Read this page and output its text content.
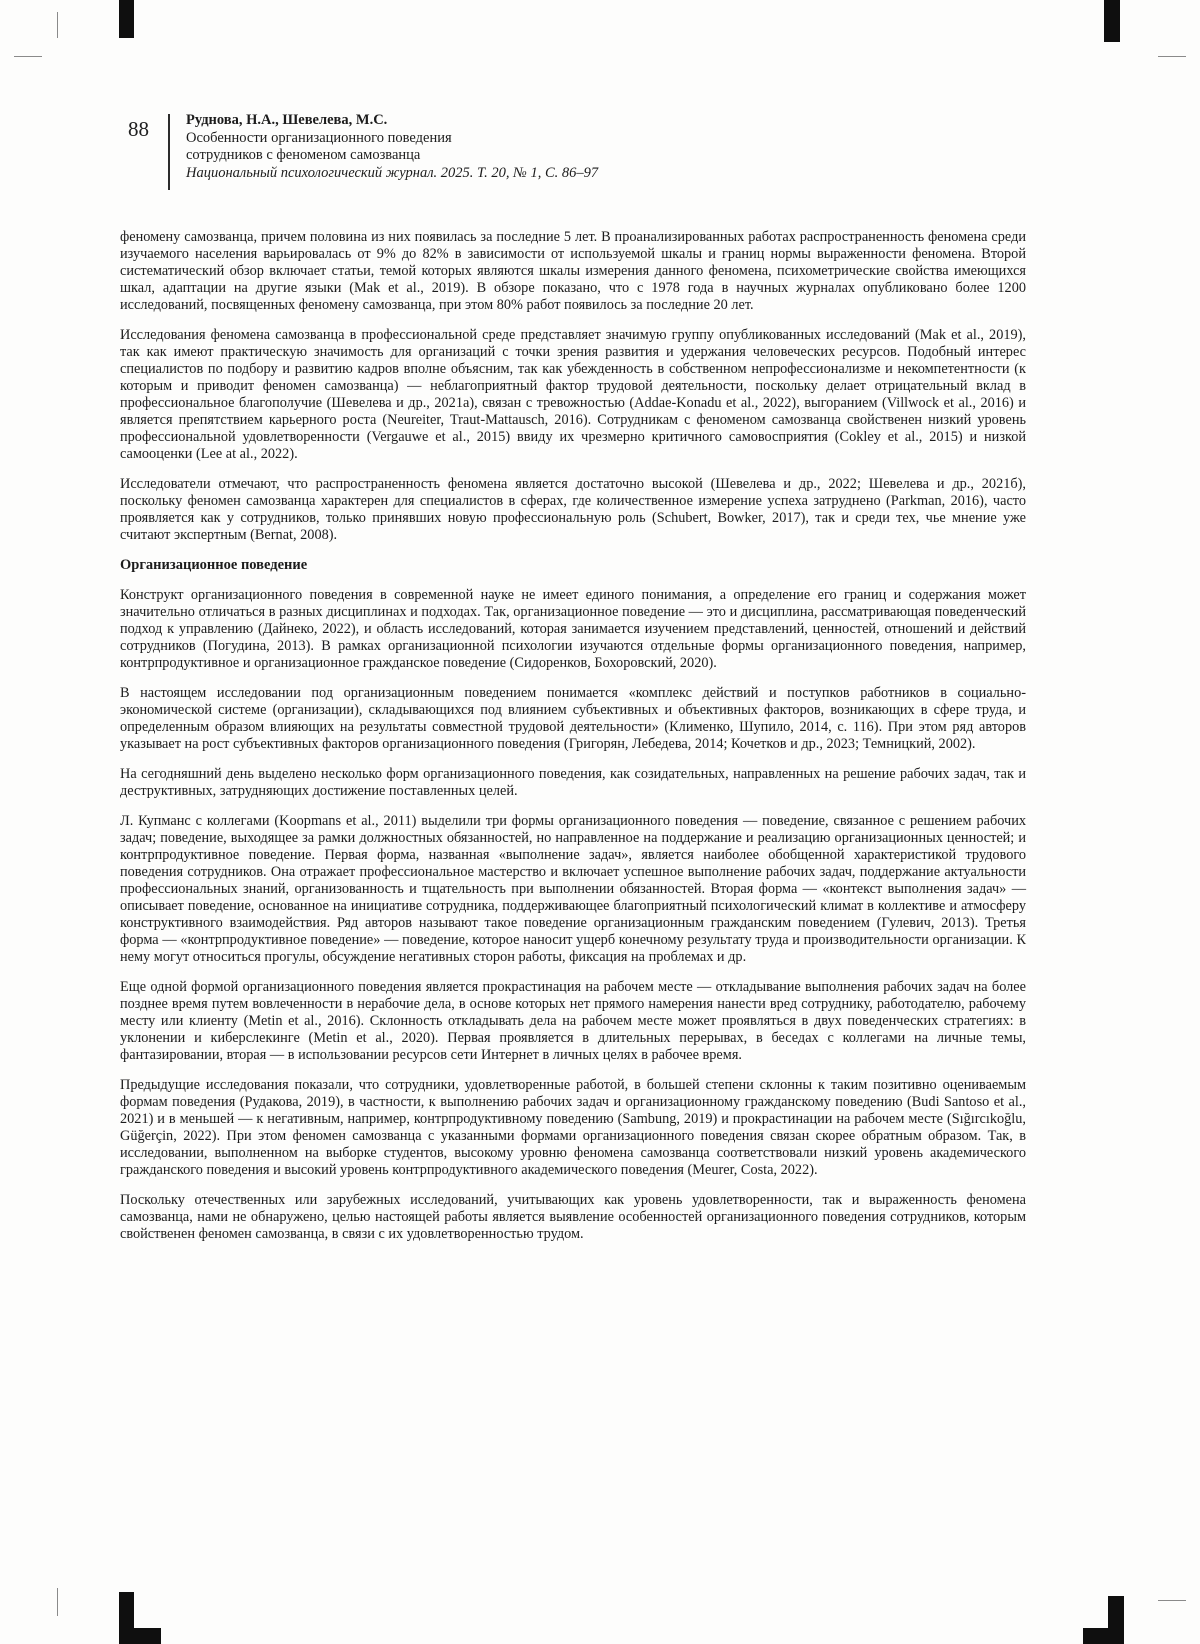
88	Руднова, Н.А., Шевелева, М.С.
Особенности организационного поведения
сотрудников с феноменом самозванца
Национальный психологический журнал. 2025. Т. 20, № 1, С. 86–97

феномену самозванца, причем половина из них появилась за последние 5 лет. В проанализированных работах распространенность феномена среди изучаемого населения варьировалась от 9% до 82% в зависимости от используемой шкалы и границ нормы выраженности феномена. Второй систематический обзор включает статьи, темой которых являются шкалы измерения данного феномена, психометрические свойства имеющихся шкал, адаптации на другие языки (Mak et al., 2019). В обзоре показано, что с 1978 года в научных журналах опубликовано более 1200 исследований, посвященных феномену самозванца, при этом 80% работ появилось за последние 20 лет.

Исследования феномена самозванца в профессиональной среде представляет значимую группу опубликованных исследований (Mak et al., 2019), так как имеют практическую значимость для организаций с точки зрения развития и удержания человеческих ресурсов. Подобный интерес специалистов по подбору и развитию кадров вполне объясним, так как убежденность в собственном непрофессионализме и некомпетентности (к которым и приводит феномен самозванца) — неблагоприятный фактор трудовой деятельности, поскольку делает отрицательный вклад в профессиональное благополучие (Шевелева и др., 2021а), связан с тревожностью (Addae-Konadu et al., 2022), выгоранием (Villwock et al., 2016) и является препятствием карьерного роста (Neureiter, Traut-Mattausch, 2016). Сотрудникам с феноменом самозванца свойственен низкий уровень профессиональной удовлетворенности (Vergauwe et al., 2015) ввиду их чрезмерно критичного самовосприятия (Cokley et al., 2015) и низкой самооценки (Lee at al., 2022).

Исследователи отмечают, что распространенность феномена является достаточно высокой (Шевелева и др., 2022; Шевелева и др., 2021б), поскольку феномен самозванца характерен для специалистов в сферах, где количественное измерение успеха затруднено (Parkman, 2016), часто проявляется как у сотрудников, только принявших новую профессиональную роль (Schubert, Bowker, 2017), так и среди тех, чье мнение уже считают экспертным (Bernat, 2008).

Организационное поведение

Конструкт организационного поведения в современной науке не имеет единого понимания, а определение его границ и содержания может значительно отличаться в разных дисциплинах и подходах. Так, организационное поведение — это и дисциплина, рассматривающая поведенческий подход к управлению (Дайнеко, 2022), и область исследований, которая занимается изучением представлений, ценностей, отношений и действий сотрудников (Погудина, 2013). В рамках организационной психологии изучаются отдельные формы организационного поведения, например, контрпродуктивное и организационное гражданское поведение (Сидоренков, Бохоровский, 2020).

В настоящем исследовании под организационным поведением понимается «комплекс действий и поступков работников в социально-экономической системе (организации), складывающихся под влиянием субъективных и объективных факторов, возникающих в сфере труда, и определенным образом влияющих на результаты совместной трудовой деятельности» (Клименко, Шупило, 2014, с. 116). При этом ряд авторов указывает на рост субъективных факторов организационного поведения (Григорян, Лебедева, 2014; Кочетков и др., 2023; Темницкий, 2002).

На сегодняшний день выделено несколько форм организационного поведения, как созидательных, направленных на решение рабочих задач, так и деструктивных, затрудняющих достижение поставленных целей.

Л. Купманс с коллегами (Koopmans et al., 2011) выделили три формы организационного поведения — поведение, связанное с решением рабочих задач; поведение, выходящее за рамки должностных обязанностей, но направленное на поддержание и реализацию организационных ценностей; и контрпродуктивное поведение. Первая форма, названная «выполнение задач», является наиболее обобщенной характеристикой трудового поведения сотрудников. Она отражает профессиональное мастерство и включает успешное выполнение рабочих задач, поддержание актуальности профессиональных знаний, организованность и тщательность при выполнении обязанностей. Вторая форма — «контекст выполнения задач» — описывает поведение, основанное на инициативе сотрудника, поддерживающее благоприятный психологический климат в коллективе и атмосферу конструктивного взаимодействия. Ряд авторов называют такое поведение организационным гражданским поведением (Гулевич, 2013). Третья форма — «контрпродуктивное поведение» — поведение, которое наносит ущерб конечному результату труда и производительности организации. К нему могут относиться прогулы, обсуждение негативных сторон работы, фиксация на проблемах и др.

Еще одной формой организационного поведения является прокрастинация на рабочем месте — откладывание выполнения рабочих задач на более позднее время путем вовлеченности в нерабочие дела, в основе которых нет прямого намерения нанести вред сотруднику, работодателю, рабочему месту или клиенту (Metin et al., 2016). Склонность откладывать дела на рабочем месте может проявляться в двух поведенческих стратегиях: в уклонении и киберслекинге (Metin et al., 2020). Первая проявляется в длительных перерывах, в беседах с коллегами на личные темы, фантазировании, вторая — в использовании ресурсов сети Интернет в личных целях в рабочее время.

Предыдущие исследования показали, что сотрудники, удовлетворенные работой, в большей степени склонны к таким позитивно оцениваемым формам поведения (Рудакова, 2019), в частности, к выполнению рабочих задач и организационному гражданскому поведению (Budi Santoso et al., 2021) и в меньшей — к негативным, например, контрпродуктивному поведению (Sambung, 2019) и прокрастинации на рабочем месте (Sığırcıkoğlu, Güğerçin, 2022). При этом феномен самозванца с указанными формами организационного поведения связан скорее обратным образом. Так, в исследовании, выполненном на выборке студентов, высокому уровню феномена самозванца соответствовали низкий уровень академического гражданского поведения и высокий уровень контрпродуктивного академического поведения (Meurer, Costa, 2022).

Поскольку отечественных или зарубежных исследований, учитывающих как уровень удовлетворенности, так и выраженность феномена самозванца, нами не обнаружено, целью настоящей работы является выявление особенностей организационного поведения сотрудников, которым свойственен феномен самозванца, в связи с их удовлетворенностью трудом.
